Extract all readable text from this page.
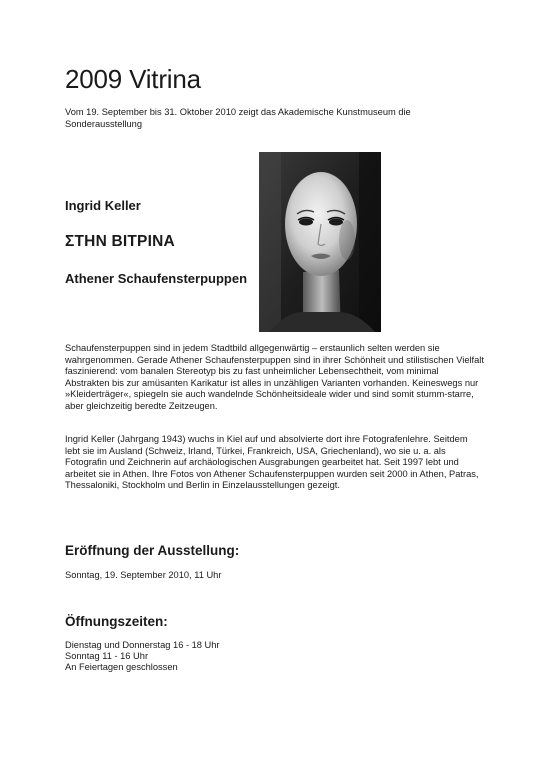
2009 Vitrina

Vom 19. September bis 31. Oktober 2010 zeigt das Akademische Kunstmuseum die Sonderausstellung

Ingrid Keller
ΣΤΗΝ ΒΙΤΡΙΝΑ
Athener Schaufensterpuppen

Schaufensterpuppen sind in jedem Stadtbild allgegenwärtig – erstaunlich selten werden sie wahrgenommen. Gerade Athener Schaufensterpuppen sind in ihrer Schönheit und stilistischen Vielfalt faszinierend: vom banalen Stereotyp bis zu fast unheimlicher Lebensechtheit, vom minimal Abstrakten bis zur amüsanten Karikatur ist alles in unzähligen Varianten vorhanden. Keineswegs nur »Kleiderträger«, spiegeln sie auch wandelnde Schönheitsideale wider und sind somit stumm-starre, aber gleichzeitig beredte Zeitzeugen.

Ingrid Keller (Jahrgang 1943) wuchs in Kiel auf und absolvierte dort ihre Fotografenlehre. Seitdem lebt sie im Ausland (Schweiz, Irland, Türkei, Frankreich, USA, Griechenland), wo sie u. a. als Fotografin und Zeichnerin auf archäologischen Ausgrabungen gearbeitet hat. Seit 1997 lebt und arbeitet sie in Athen. Ihre Fotos von Athener Schaufensterpuppen wurden seit 2000 in Athen, Patras, Thessaloniki, Stockholm und Berlin in Einzelausstellungen gezeigt.

Eröffnung der Ausstellung:

Sonntag, 19. September 2010, 11 Uhr

Öffnungszeiten:
Dienstag und Donnerstag 16 - 18 Uhr
Sonntag 11 - 16 Uhr
An Feiertagen geschlossen
